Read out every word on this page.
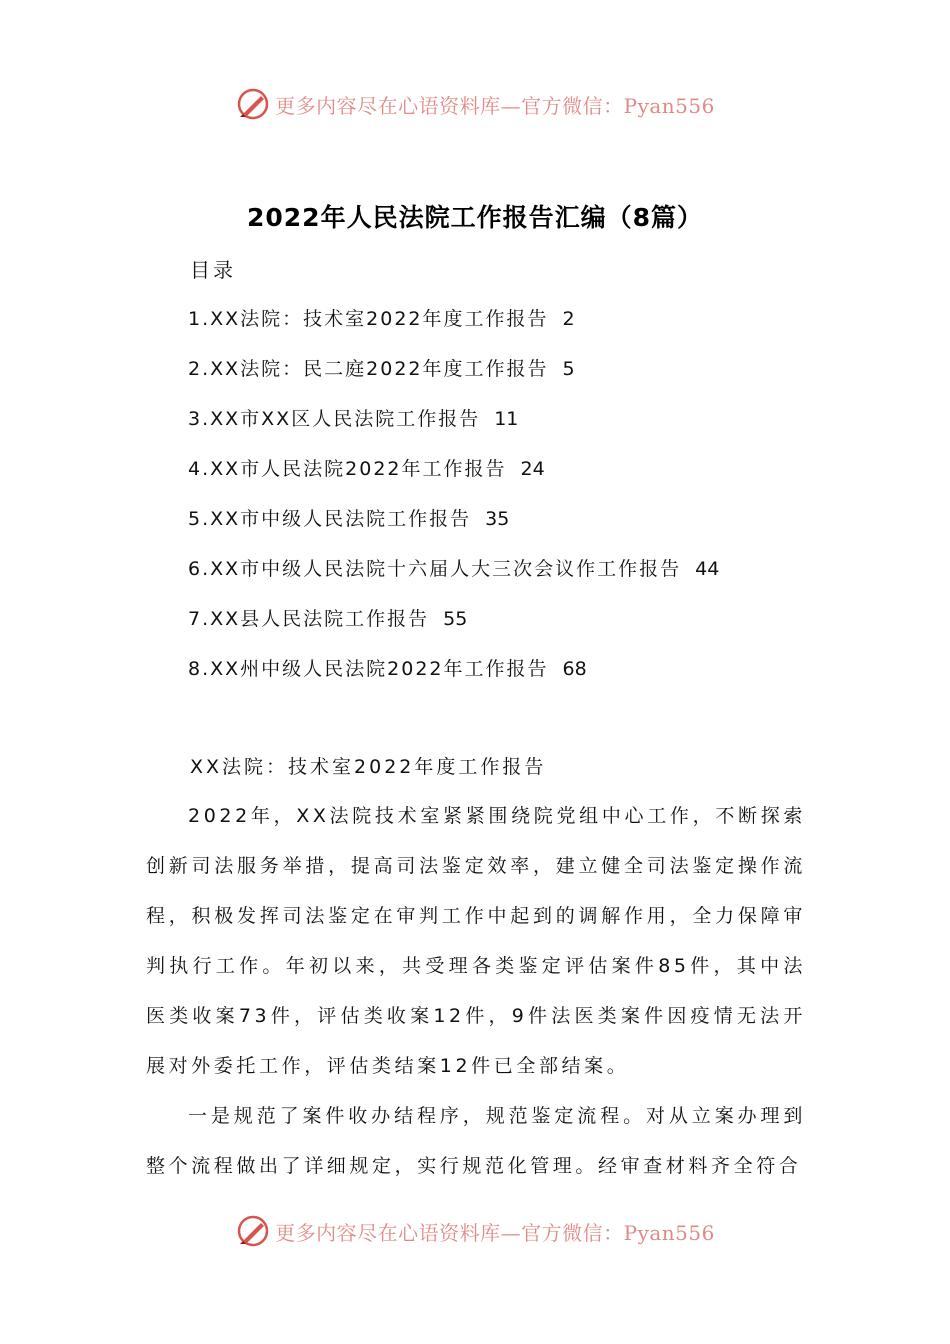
更多内容尽在心语资料库—官方微信：Pyan556
2022年人民法院工作报告汇编（8篇）
目录
1.XX法院：技术室2022年度工作报告 2
2.XX法院：民二庭2022年度工作报告 5
3.XX市XX区人民法院工作报告 11
4.XX市人民法院2022年工作报告 24
5.XX市中级人民法院工作报告 35
6.XX市中级人民法院十六届人大三次会议作工作报告 44
7.XX县人民法院工作报告 55
8.XX州中级人民法院2022年工作报告 68
XX法院：技术室2022年度工作报告

2022年，XX法院技术室紧紧围绕院党组中心工作，不断探索创新司法服务举措，提高司法鉴定效率，建立健全司法鉴定操作流程，积极发挥司法鉴定在审判工作中起到的调解作用，全力保障审判执行工作。年初以来，共受理各类鉴定评估案件85件，其中法医类收案73件，评估类收案12件，9件法医类案件因疫情无法开展对外委托工作，评估类结案12件已全部结案。

一是规范了案件收办结程序，规范鉴定流程。对从立案办理到整个流程做出了详细规定，实行规范化管理。经审查材料齐全符合

更多内容尽在心语资料库—官方微信：Pyan556
